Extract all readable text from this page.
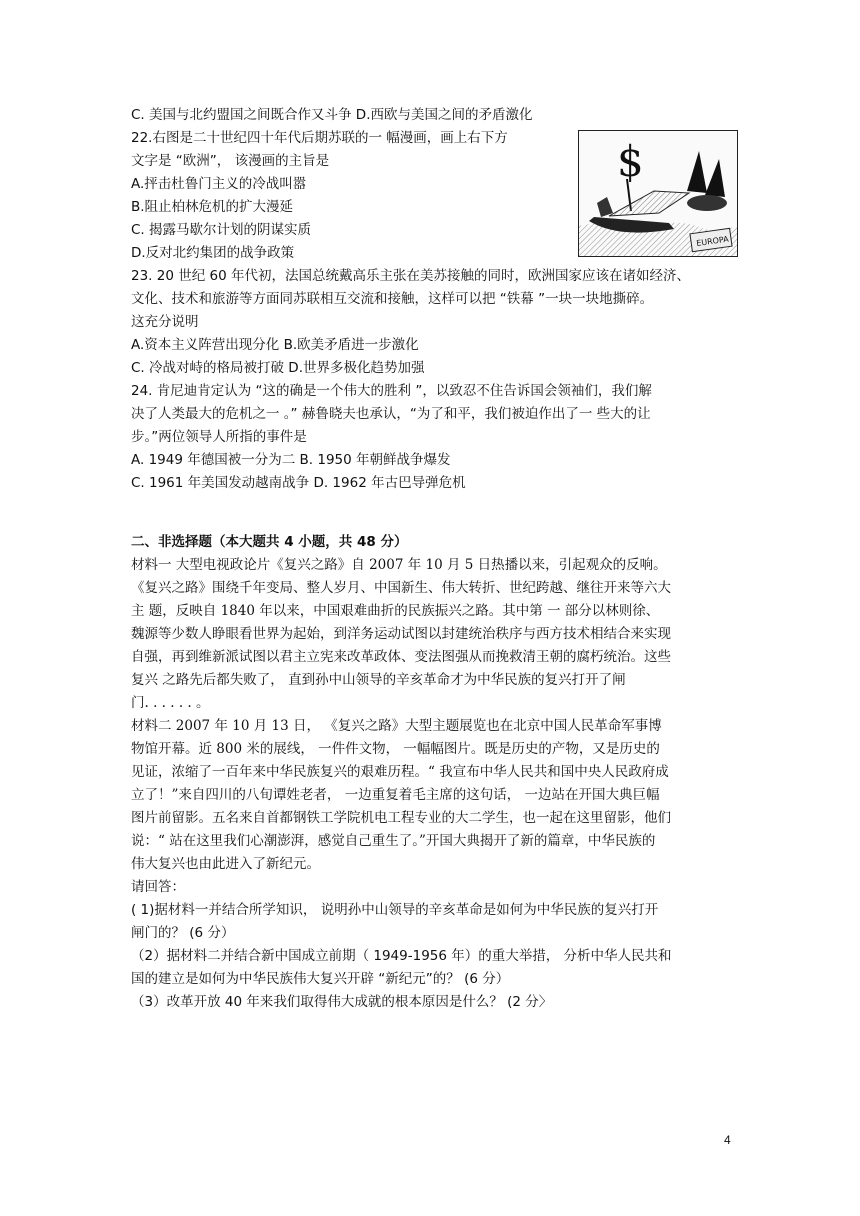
C. 美国与北约盟国之间既合作又斗争 D.西欧与美国之间的矛盾激化
22.右图是二十世纪四十年代后期苏联的一 幅漫画，画上右下方
文字是 “欧洲”， 该漫画的主旨是
A.抨击杜鲁门主义的冷战叫嚣
B.阻止柏林危机的扩大漫延
C. 揭露马歇尔计划的阴谋实质
D.反对北约集团的战争政策
$
EUROPA
23. 20 世纪 60 年代初，法国总统戴高乐主张在美苏接触的同时，欧洲国家应该在诸如经济、
文化、技术和旅游等方面同苏联相互交流和接触，这样可以把 “铁幕 ”一块一块地撕碎。
这充分说明
A.资本主义阵营出现分化 B.欧美矛盾进一步激化
C. 冷战对峙的格局被打破 D.世界多极化趋势加强
24. 肯尼迪肯定认为 “这的确是一个伟大的胜利 ”，以致忍不住告诉国会领袖们，我们解
决了人类最大的危机之一 。” 赫鲁晓夫也承认，“为了和平，我们被迫作出了一 些大的让
步。”两位领导人所指的事件是
A. 1949 年德国被一分为二 B. 1950 年朝鲜战争爆发
C. 1961 年美国发动越南战争 D. 1962 年古巴导弹危机
二、非选择题（本大题共 4 小题，共 48 分）
材料一 大型电视政论片《复兴之路》自 2007 年 10 月 5 日热播以来，引起观众的反响。
《复兴之路》围绕千年变局、整人岁月、中国新生、伟大转折、世纪跨越、继往开来等六大
主 题，反映自 1840 年以来，中国艰难曲折的民族振兴之路。其中第 一 部分以林则徐、
魏源等少数人睁眼看世界为起始，到洋务运动试图以封建统治秩序与西方技术相结合来实现
自强，再到维新派试图以君主立宪来改革政体、变法图强从而挽救清王朝的腐朽统治。这些
复兴 之路先后都失败了， 直到孙中山领导的辛亥革命才为中华民族的复兴打开了闸
门. . . . . . 。
材料二 2007 年 10 月 13 日， 《复兴之路》大型主题展览也在北京中国人民革命军事博
物馆开幕。近 800 米的展线， 一件件文物， 一幅幅图片。既是历史的产物，又是历史的
见证，浓缩了一百年来中华民族复兴的艰难历程。“ 我宣布中华人民共和国中央人民政府成
立了！”来自四川的八旬谭姓老者， 一边重复着毛主席的这句话， 一边站在开国大典巨幅
图片前留影。五名来自首都钢铁工学院机电工程专业的大二学生，也一起在这里留影，他们
说：“ 站在这里我们心潮澎湃，感觉自己重生了。”开国大典揭开了新的篇章，中华民族的
伟大复兴也由此进入了新纪元。
请回答：
( 1)据材料一并结合所学知识， 说明孙中山领导的辛亥革命是如何为中华民族的复兴打开
闸门的？ (6 分）
（2）据材料二并结合新中国成立前期（ 1949-1956 年）的重大举措， 分析中华人民共和
国的建立是如何为中华民族伟大复兴开辟 “新纪元”的？ (6 分）
（3）改革开放 40 年来我们取得伟大成就的根本原因是什么？ (2 分〉
4
